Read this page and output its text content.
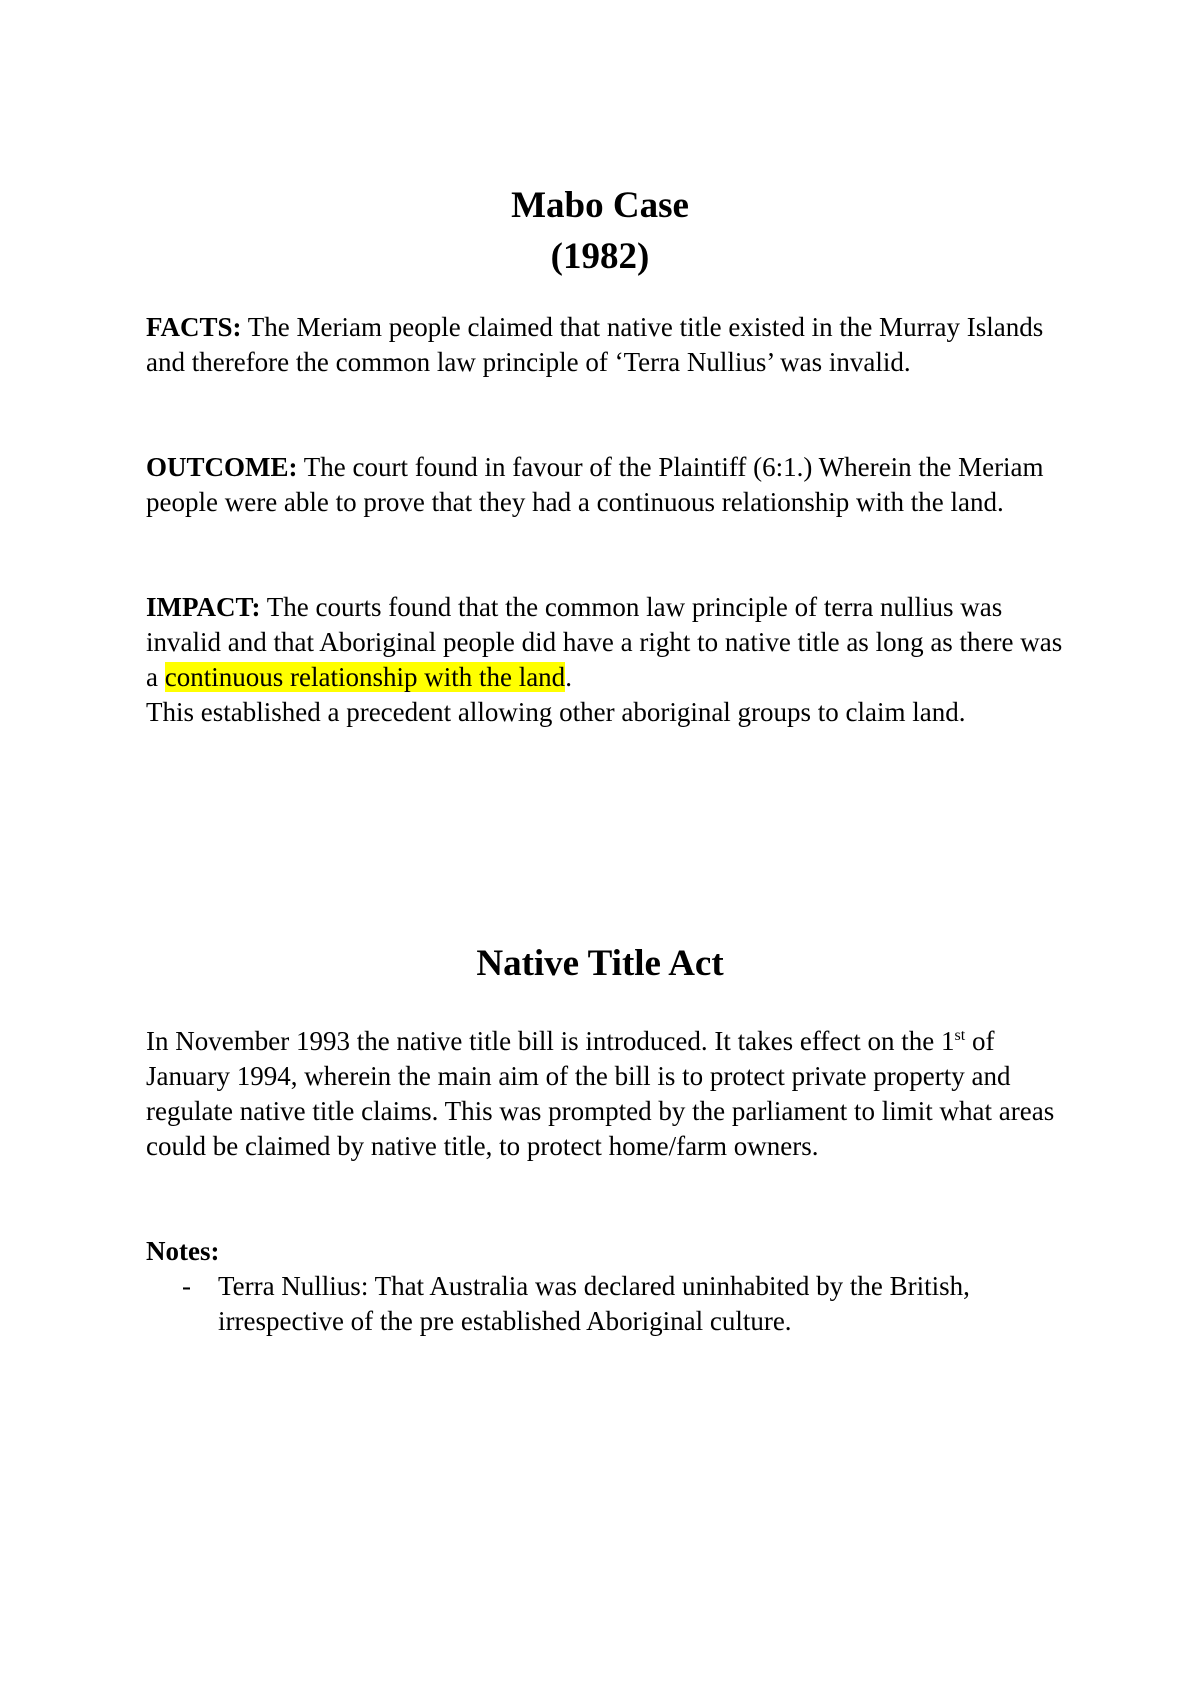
Mabo Case
(1982)

FACTS: The Meriam people claimed that native title existed in the Murray Islands and therefore the common law principle of ‘Terra Nullius’ was invalid.

OUTCOME: The court found in favour of the Plaintiff (6:1.) Wherein the Meriam people were able to prove that they had a continuous relationship with the land.

IMPACT: The courts found that the common law principle of terra nullius was invalid and that Aboriginal people did have a right to native title as long as there was a continuous relationship with the land.
This established a precedent allowing other aboriginal groups to claim land.

Native Title Act

In November 1993 the native title bill is introduced. It takes effect on the 1st of January 1994, wherein the main aim of the bill is to protect private property and regulate native title claims. This was prompted by the parliament to limit what areas could be claimed by native title, to protect home/farm owners.

Notes:

-	Terra Nullius: That Australia was declared uninhabited by the British, irrespective of the pre established Aboriginal culture.
